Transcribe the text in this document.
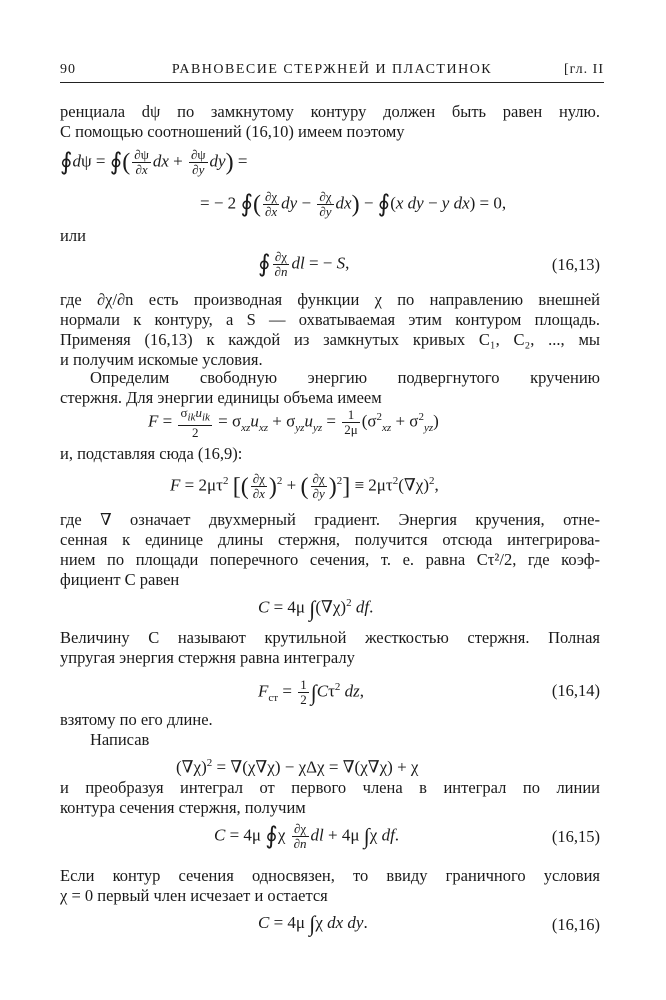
90	РАВНОВЕСИЕ СТЕРЖНЕЙ И ПЛАСТИНОК	[гл. II
ренциала dψ по замкнутому контуру должен быть равен нулю.
С помощью соотношений (16,10) имеем поэтому
∮dψ = ∮( $\frac{\partial\psi}{\partial x}$ dx + $\frac{\partial\psi}{\partial y} dy$) =
= − 2 ∮( $\frac{\partial\chi}{\partial x}$ dy − $\frac{\partial\chi}{\partial y} dx$) − ∮(x dy − y dx) = 0,
или
∮ $\frac{\partial\chi}{\partial n}$ dl = − S,	(16,13)
где ∂χ/∂n есть производная функции χ по направлению внешней
нормали к контуру, а S — охватываемая этим контуром площадь.
Применяя (16,13) к каждой из замкнутых кривых C₁, C₂, ..., мы
и получим искомые условия.
Определим свободную энергию подвергнутого кручению
стержня. Для энергии единицы объема имеем
$F = \frac{\sigma_{ik}u_{ik}}{2} = \sigma_{xz}u_{xz} + \sigma_{yz}u_{yz} = \frac{1}{2\mu} (\sigma^2_{xz} + \sigma^2_{yz})$
и, подставляя сюда (16,9):
$F = 2\mu\tau^2$ [( $\frac{\partial\chi}{\partial x} )^2$ + ( $\frac{\partial\chi}{\partial y} )^2] \equiv 2\mu\tau^2(\nabla\chi)^2$,
где ∇ означает двухмерный градиент. Энергия кручения, отне-
сенная к единице длины стержня, получится отсюда интегрирова-
нием по площади поперечного сечения, т. е. равна Cτ²/2, где коэф-
фициент C равен
C = 4μ $\int(\nabla\chi)^2$ df.
Величину C называют крутильной жесткостью стержня. Полная
упругая энергия стержня равна интегралу
$F_{ст} = \frac{1}{2} \int C\tau^2$ dz,	(16,14)
взятому по его длине.
Написав
$(\nabla\chi)^2 = \nabla(\chi\nabla\chi) - \chi\Delta\chi = \nabla(\chi\nabla\chi) + \chi$
и преобразуя интеграл от первого члена в интеграл по линии
контура сечения стержня, получим
C = 4μ ∮χ $\frac{\partial\chi}{\partial n}$ dl + 4μ ∫χ df.	(16,15)
Если контур сечения односвязен, то ввиду граничного условия
χ = 0 первый член исчезает и остается
C = 4μ ∫χ dx dy.	(16,16)
